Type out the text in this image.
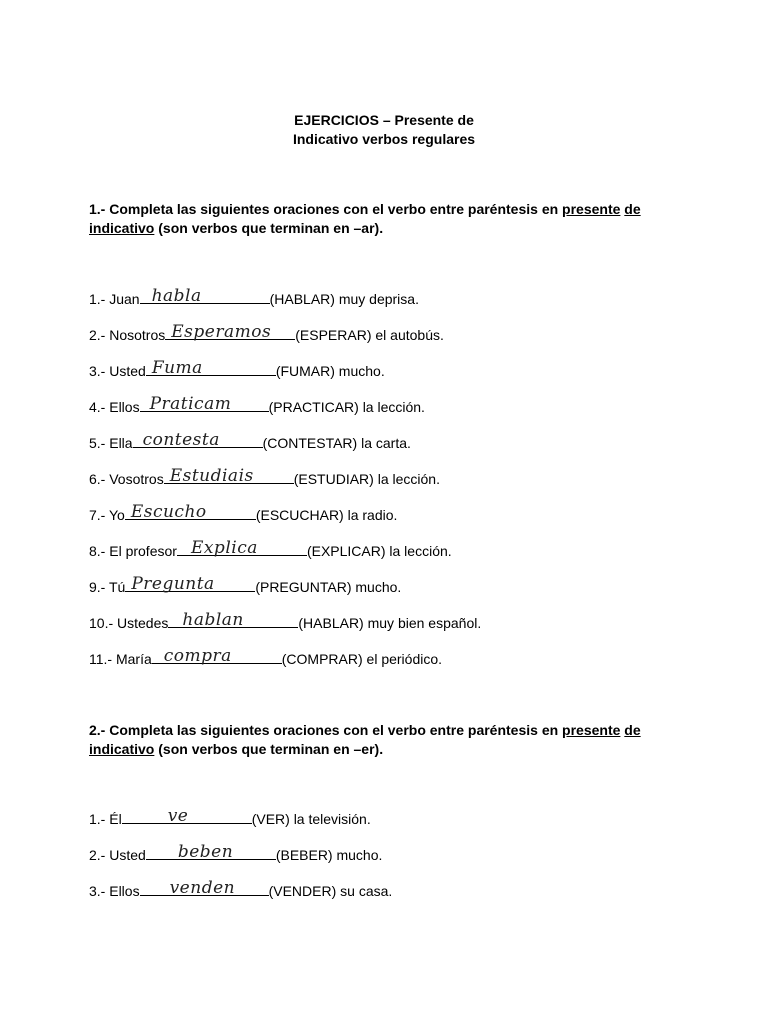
EJERCICIOS – Presente de
Indicativo verbos regulares
1.- Completa las siguientes oraciones con el verbo entre paréntesis en presente de indicativo (son verbos que terminan en –ar).
1.- Juan habla	(HABLAR) muy deprisa.
2.- Nosotros Esperamos (ESPERAR) el autobús.
3.- Usted Fuma	(FUMAR) mucho.
4.- Ellos Praticam	(PRACTICAR) la lección.
5.- Ella contesta	(CONTESTAR) la carta.
6.- Vosotros Estudiais	(ESTUDIAR) la lección.
7.- Yo Escucho	(ESCUCHAR) la radio.
8.- El profesor Explica	(EXPLICAR) la lección.
9.- Tú Pregunta	(PREGUNTAR) mucho.
10.- Ustedes hablan	(HABLAR) muy bien español.
11.- María compra	(COMPRAR) el periódico.
2.- Completa las siguientes oraciones con el verbo entre paréntesis en presente de indicativo (son verbos que terminan en –er).
1.- Él	ve	(VER) la televisión.
2.- Usted beben	(BEBER) mucho.
3.- Ellos venden (VENDER) su casa.
